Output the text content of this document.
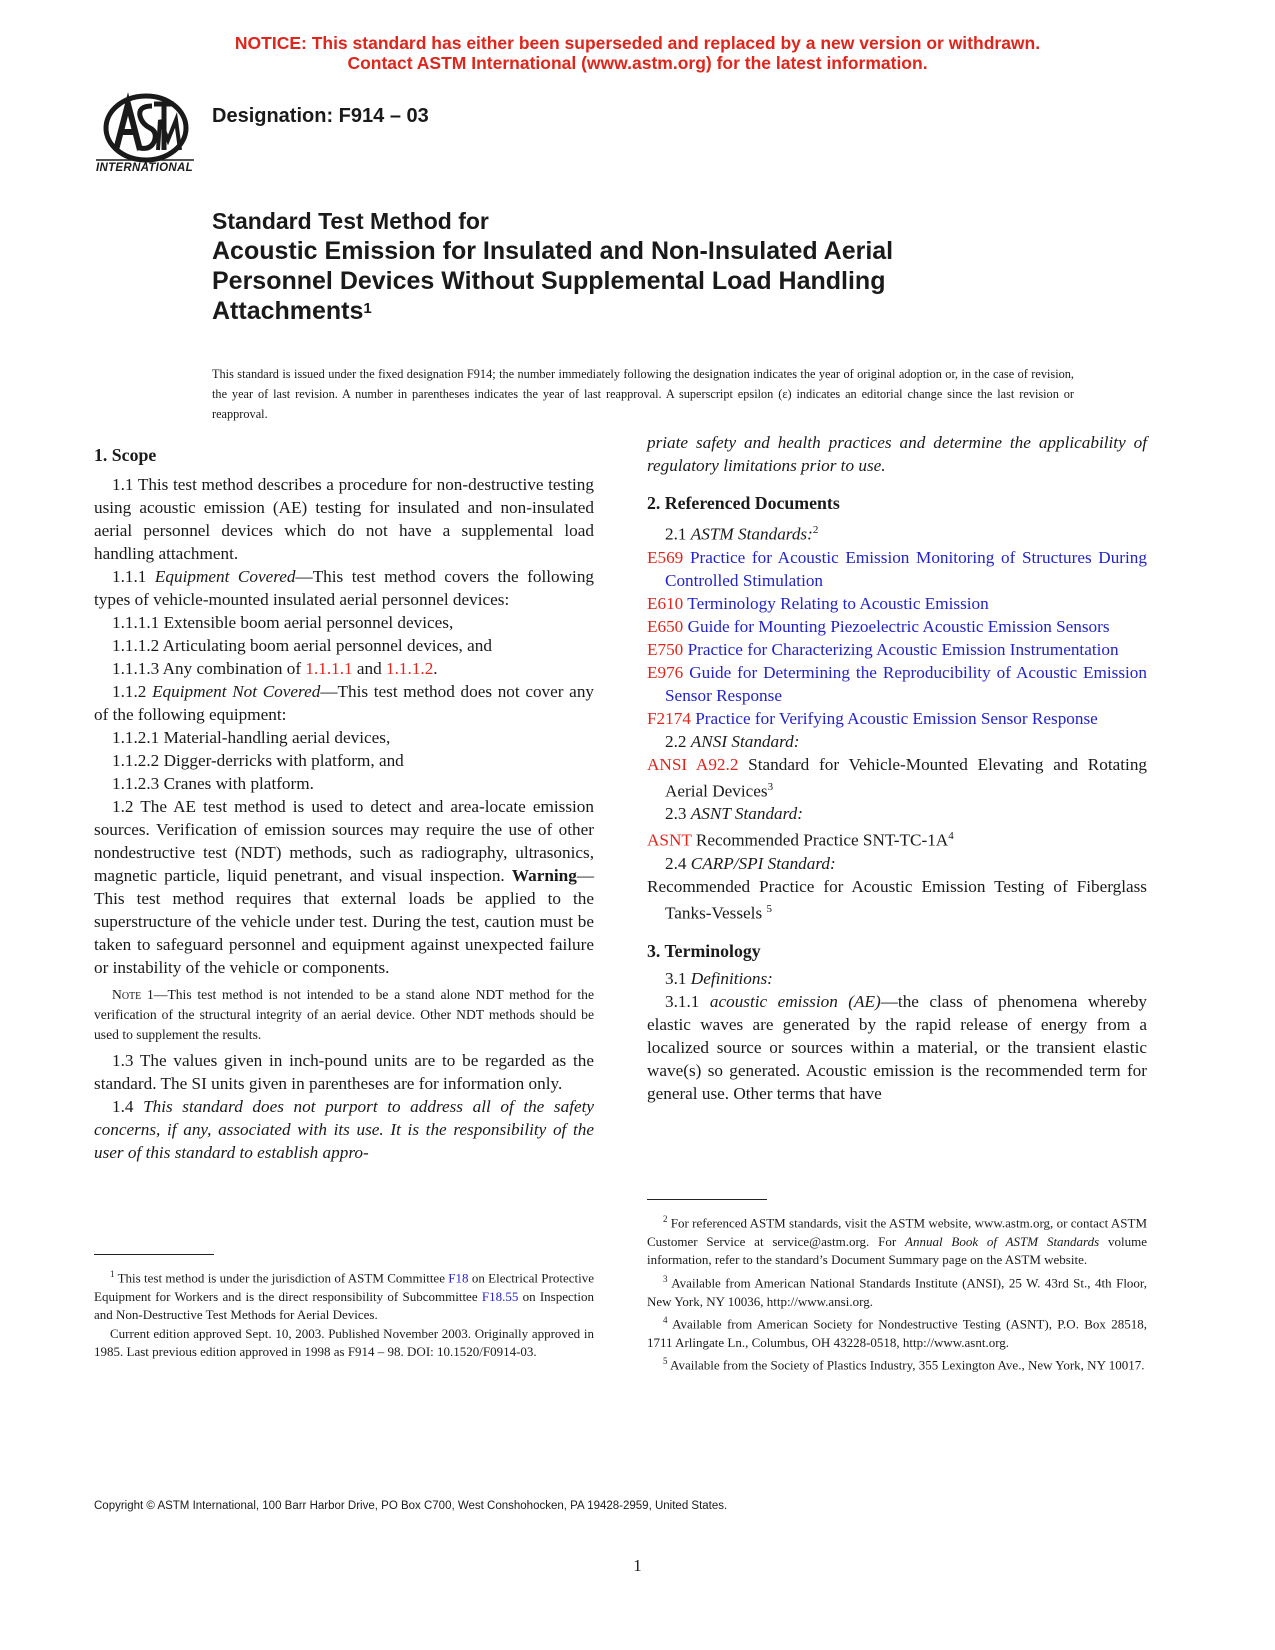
NOTICE: This standard has either been superseded and replaced by a new version or withdrawn.
Contact ASTM International (www.astm.org) for the latest information.
INTERNATIONAL
Designation: F914 – 03
Standard Test Method for
Acoustic Emission for Insulated and Non-Insulated Aerial
Personnel Devices Without Supplemental Load Handling
Attachments$^1$
This standard is issued under the fixed designation F914; the number immediately following the designation indicates the year of original adoption or, in the case of revision, the year of last revision. A number in parentheses indicates the year of last reapproval. A superscript epsilon (ε) indicates an editorial change since the last revision or reapproval.
1. Scope

1.1 This test method describes a procedure for non-destructive testing using acoustic emission (AE) testing for insulated and non-insulated aerial personnel devices which do not have a supplemental load handling attachment.

1.1.1 Equipment Covered—This test method covers the following types of vehicle-mounted insulated aerial personnel devices:

1.1.1.1 Extensible boom aerial personnel devices,

1.1.1.2 Articulating boom aerial personnel devices, and

1.1.1.3 Any combination of 1.1.1.1 and 1.1.1.2.

1.1.2 Equipment Not Covered—This test method does not cover any of the following equipment:

1.1.2.1 Material-handling aerial devices,

1.1.2.2 Digger-derricks with platform, and

1.1.2.3 Cranes with platform.

1.2 The AE test method is used to detect and area-locate emission sources. Verification of emission sources may require the use of other nondestructive test (NDT) methods, such as radiography, ultrasonics, magnetic particle, liquid penetrant, and visual inspection. Warning—This test method requires that external loads be applied to the superstructure of the vehicle under test. During the test, caution must be taken to safeguard personnel and equipment against unexpected failure or instability of the vehicle or components.

Note 1—This test method is not intended to be a stand alone NDT method for the verification of the structural integrity of an aerial device. Other NDT methods should be used to supplement the results.

1.3 The values given in inch-pound units are to be regarded as the standard. The SI units given in parentheses are for information only.

1.4 This standard does not purport to address all of the safety concerns, if any, associated with its use. It is the responsibility of the user of this standard to establish appro-

$^1$ This test method is under the jurisdiction of ASTM Committee F18 on Electrical Protective Equipment for Workers and is the direct responsibility of Subcommittee F18.55 on Inspection and Non-Destructive Test Methods for Aerial Devices.

Current edition approved Sept. 10, 2003. Published November 2003. Originally approved in 1985. Last previous edition approved in 1998 as F914 – 98. DOI: 10.1520/F0914-03.

priate safety and health practices and determine the applicability of regulatory limitations prior to use.

2. Referenced Documents

2.1 ASTM Standards:$^2$

E569 Practice for Acoustic Emission Monitoring of Structures During Controlled Stimulation

E610 Terminology Relating to Acoustic Emission

E650 Guide for Mounting Piezoelectric Acoustic Emission Sensors

E750 Practice for Characterizing Acoustic Emission Instrumentation

E976 Guide for Determining the Reproducibility of Acoustic Emission Sensor Response

F2174 Practice for Verifying Acoustic Emission Sensor Response

2.2 ANSI Standard:

ANSI A92.2 Standard for Vehicle-Mounted Elevating and Rotating Aerial Devices$^3$

2.3 ASNT Standard:

ASNT Recommended Practice SNT-$TC-1A^4$

2.4 CARP/SPI Standard:

Recommended Practice for Acoustic Emission Testing of Fiberglass Tanks-Vessels $^5$

3. Terminology

3.1 Definitions:

3.1.1 acoustic emission (AE)—the class of phenomena whereby elastic waves are generated by the rapid release of energy from a localized source or sources within a material, or the transient elastic wave(s) so generated. Acoustic emission is the recommended term for general use. Other terms that have

$^2$ For referenced ASTM standards, visit the ASTM website, www.astm.org, or contact ASTM Customer Service at service@astm.org. For Annual Book of ASTM Standards volume information, refer to the standard’s Document Summary page on the ASTM website.

$^3$ Available from American National Standards Institute (ANSI), 25 W. 43rd St., 4th Floor, New York, NY 10036, http://www.ansi.org.

$^4$ Available from American Society for Nondestructive Testing (ASNT), P.O. Box 28518, 1711 Arlingate Ln., Columbus, OH 43228-0518, http://www.asnt.org.

$^5$ Available from the Society of Plastics Industry, 355 Lexington Ave., New York, NY 10017.

Copyright © ASTM International, 100 Barr Harbor Drive, PO Box C700, West Conshohocken, PA 19428-2959, United States.
1
